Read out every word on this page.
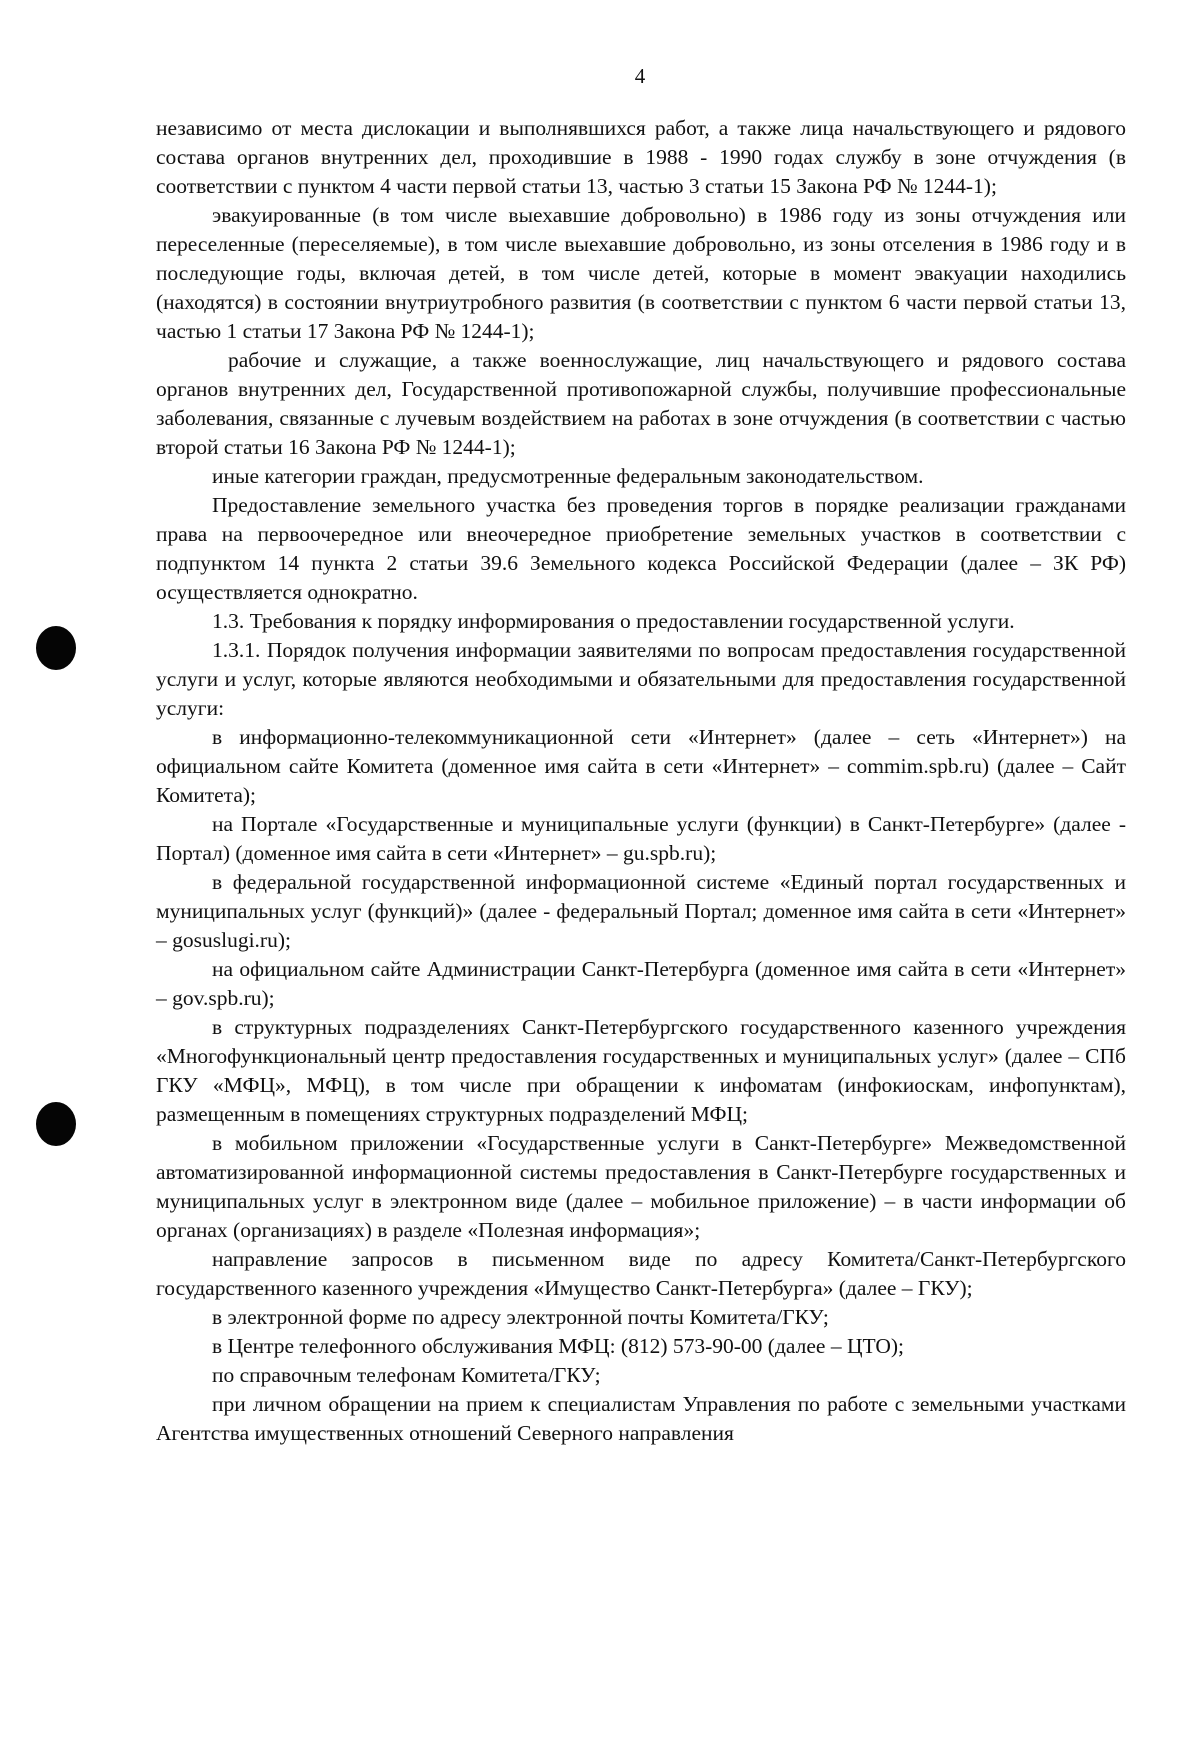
4

независимо от места дислокации и выполнявшихся работ, а также лица начальствующего и рядового состава органов внутренних дел, проходившие в 1988 - 1990 годах службу в зоне отчуждения (в соответствии с пунктом 4 части первой статьи 13, частью 3 статьи 15 Закона РФ № 1244-1);

эвакуированные (в том числе выехавшие добровольно) в 1986 году из зоны отчуждения или переселенные (переселяемые), в том числе выехавшие добровольно, из зоны отселения в 1986 году и в последующие годы, включая детей, в том числе детей, которые в момент эвакуации находились (находятся) в состоянии внутриутробного развития (в соответствии с пунктом 6 части первой статьи 13, частью 1 статьи 17 Закона РФ № 1244-1);

рабочие и служащие, а также военнослужащие, лиц начальствующего и рядового состава органов внутренних дел, Государственной противопожарной службы, получившие профессиональные заболевания, связанные с лучевым воздействием на работах в зоне отчуждения (в соответствии с частью второй статьи 16 Закона РФ № 1244-1);

иные категории граждан, предусмотренные федеральным законодательством.

Предоставление земельного участка без проведения торгов в порядке реализации гражданами права на первоочередное или внеочередное приобретение земельных участков в соответствии с подпунктом 14 пункта 2 статьи 39.6 Земельного кодекса Российской Федерации (далее – ЗК РФ) осуществляется однократно.

1.3. Требования к порядку информирования о предоставлении государственной услуги.

1.3.1. Порядок получения информации заявителями по вопросам предоставления государственной услуги и услуг, которые являются необходимыми и обязательными для предоставления государственной услуги:

в информационно-телекоммуникационной сети «Интернет» (далее – сеть «Интернет») на официальном сайте Комитета (доменное имя сайта в сети «Интернет» – commim.spb.ru) (далее – Сайт Комитета);

на Портале «Государственные и муниципальные услуги (функции) в Санкт-Петербурге» (далее - Портал) (доменное имя сайта в сети «Интернет» – gu.spb.ru);

в федеральной государственной информационной системе «Единый портал государственных и муниципальных услуг (функций)» (далее - федеральный Портал; доменное имя сайта в сети «Интернет» – gosuslugi.ru);

на официальном сайте Администрации Санкт-Петербурга (доменное имя сайта в сети «Интернет» – gov.spb.ru);

в структурных подразделениях Санкт-Петербургского государственного казенного учреждения «Многофункциональный центр предоставления государственных и муниципальных услуг» (далее – СПб ГКУ «МФЦ», МФЦ), в том числе при обращении к инфоматам (инфокиоскам, инфопунктам), размещенным в помещениях структурных подразделений МФЦ;

в мобильном приложении «Государственные услуги в Санкт-Петербурге» Межведомственной автоматизированной информационной системы предоставления в Санкт-Петербурге государственных и муниципальных услуг в электронном виде (далее – мобильное приложение) – в части информации об органах (организациях) в разделе «Полезная информация»;

направление запросов в письменном виде по адресу Комитета/Санкт-Петербургского государственного казенного учреждения «Имущество Санкт-Петербурга» (далее – ГКУ);

в электронной форме по адресу электронной почты Комитета/ГКУ;

в Центре телефонного обслуживания МФЦ: (812) 573-90-00 (далее – ЦТО);

по справочным телефонам Комитета/ГКУ;

при личном обращении на прием к специалистам Управления по работе с земельными участками Агентства имущественных отношений Северного направления
